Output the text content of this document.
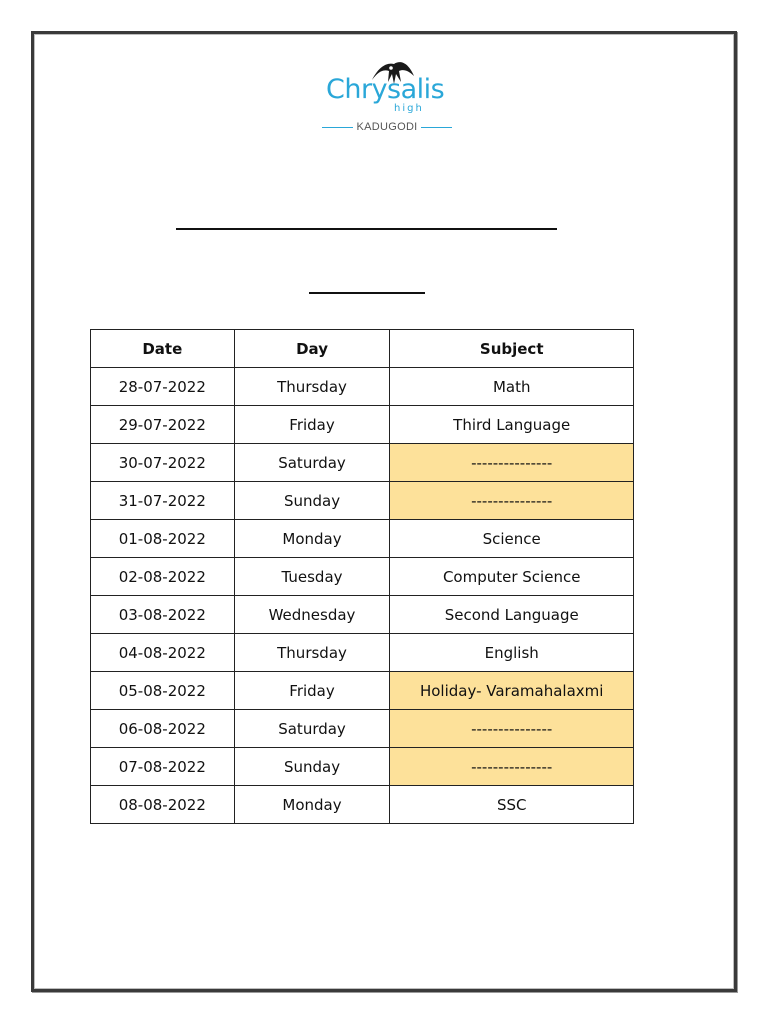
Chrysalis
high
KADUGODI
Date	Day	Subject
28-07-2022	Thursday	Math
29-07-2022	Friday	Third Language
30-07-2022	Saturday	---------------
31-07-2022	Sunday	---------------
01-08-2022	Monday	Science
02-08-2022	Tuesday	Computer Science
03-08-2022	Wednesday	Second Language
04-08-2022	Thursday	English
05-08-2022	Friday	Holiday- Varamahalaxmi
06-08-2022	Saturday	---------------
07-08-2022	Sunday	---------------
08-08-2022	Monday	SSC
